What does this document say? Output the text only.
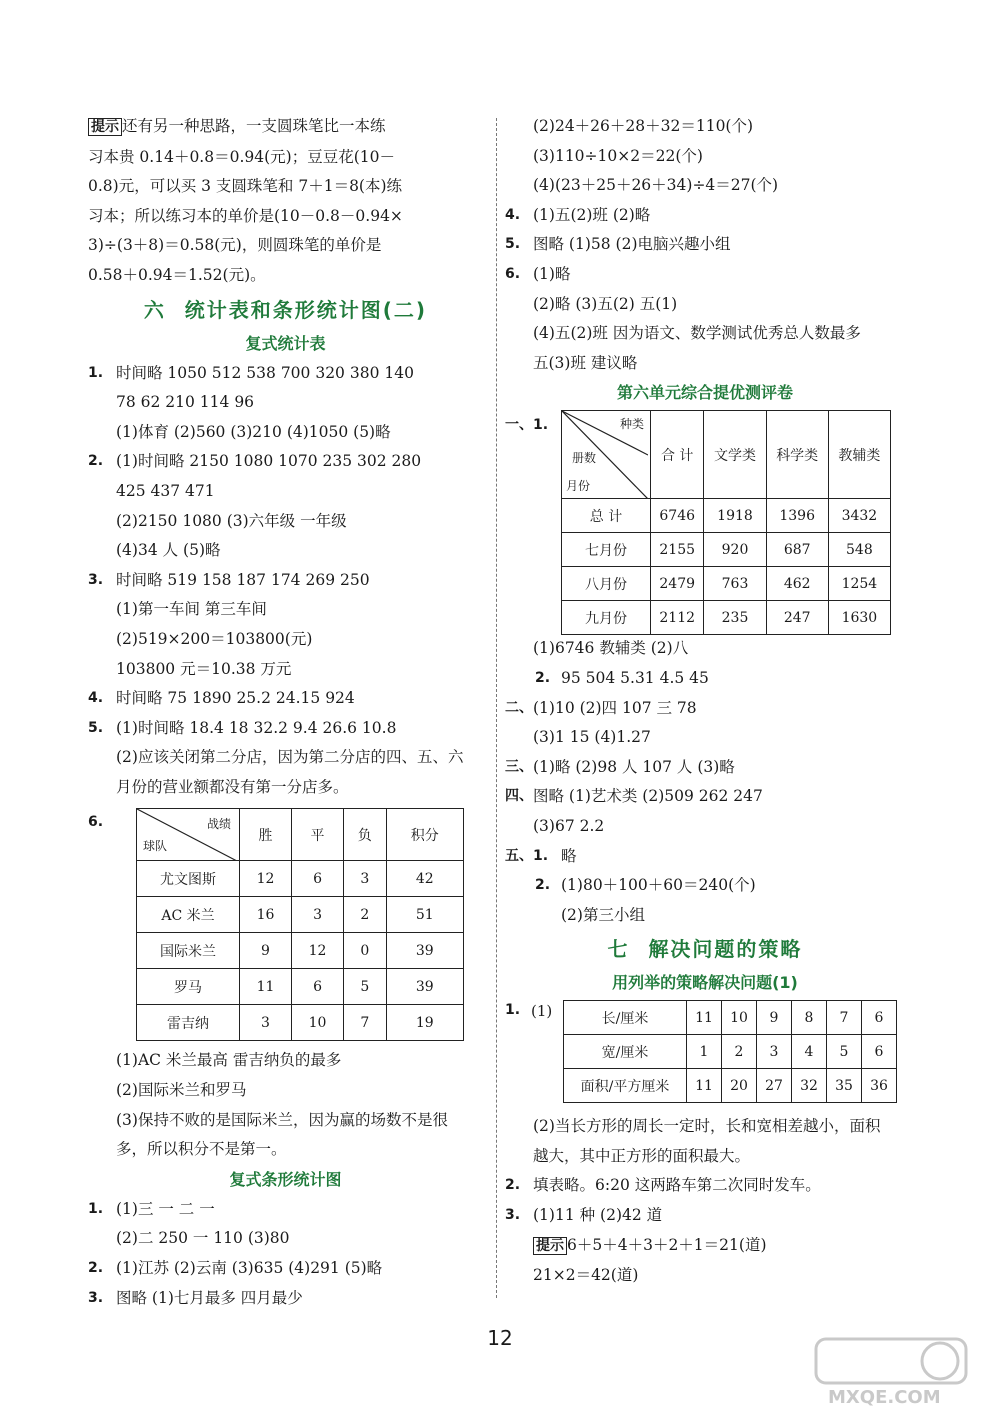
提示 还有另一种思路，一支圆珠笔比一本练
习本贵 0.14＋0.8＝0.94(元)；豆豆花(10－
0.8)元，可以买 3 支圆珠笔和 7＋1＝8(本)练
习本；所以练习本的单价是(10－0.8－0.94×
3)÷(3＋8)＝0.58(元)，则圆珠笔的单价是
0.58＋0.94＝1.52(元)。
六 统计表和条形统计图(二)
复式统计表
1. 时间略 1050 512 538 700 320 380 140
78 62 210 114 96
(1)体育 (2)560 (3)210 (4)1050 (5)略
2. (1)时间略 2150 1080 1070 235 302 280
425 437 471
(2)2150 1080 (3)六年级 一年级
(4)34 人 (5)略
3. 时间略 519 158 187 174 269 250
(1)第一车间 第三车间
(2)519×200＝103800(元)
103800 元＝10.38 万元
4. 时间略 75 1890 25.2 24.15 924
5. (1)时间略 18.4 18 32.2 9.4 26.6 10.8
(2)应该关闭第二分店，因为第二分店的四、五、六
月份的营业额都没有第一分店多。
6.	战绩
球队	胜	平	负	积分
尤文图斯	12	6	3	42
AC 米兰	16	3	2	51
国际米兰	9	12	0	39
罗马	11	6	5	39
雷吉纳	3	10	7	19
(1)AC 米兰最高 雷吉纳负的最多
(2)国际米兰和罗马
(3)保持不败的是国际米兰，因为赢的场数不是很
多，所以积分不是第一。
复式条形统计图
1. (1)三 一 二 一
(2)二 250 一 110 (3)80
2. (1)江苏 (2)云南 (3)635 (4)291 (5)略
3. 图略 (1)七月最多 四月最少
(2)24＋26＋28＋32＝110(个)
(3)110÷10×2＝22(个)
(4)(23＋25＋26＋34)÷4＝27(个)
4. (1)五(2)班 (2)略
5. 图略 (1)58 (2)电脑兴趣小组
6. (1)略
(2)略 (3)五(2) 五(1)
(4)五(2)班 因为语文、数学测试优秀总人数最多
五(3)班 建议略
第六单元综合提优测评卷
一、1.	种类
册数
月份	合 计	文学类	科学类	教辅类
总 计	6746	1918	1396	3432
七月份	2155	920	687	548
八月份	2479	763	462	1254
九月份	2112	235	247	1630
(1)6746 教辅类 (2)八
2. 95 504 5.31 4.5 45
二、 (1)10 (2)四 107 三 78
(3)1 15 (4)1.27
三、 (1)略 (2)98 人 107 人 (3)略
四、 图略 (1)艺术类 (2)509 262 247
(3)67 2.2
五、1. 略
2. (1)80＋100＋60＝240(个)
(2)第三小组
七 解决问题的策略
用列举的策略解决问题(1)
1. (1)	长/厘米	11	10	9	8	7	6
宽/厘米	1	2	3	4	5	6
面积/平方厘米	11	20	27	32	35	36
(2)当长方形的周长一定时，长和宽相差越小，面积
越大，其中正方形的面积最大。
2. 填表略。6:20 这两路车第二次同时发车。
3. (1)11 种 (2)42 道
提示 6＋5＋4＋3＋2＋1＝21(道)
21×2＝42(道)
12
MXQE.COM
